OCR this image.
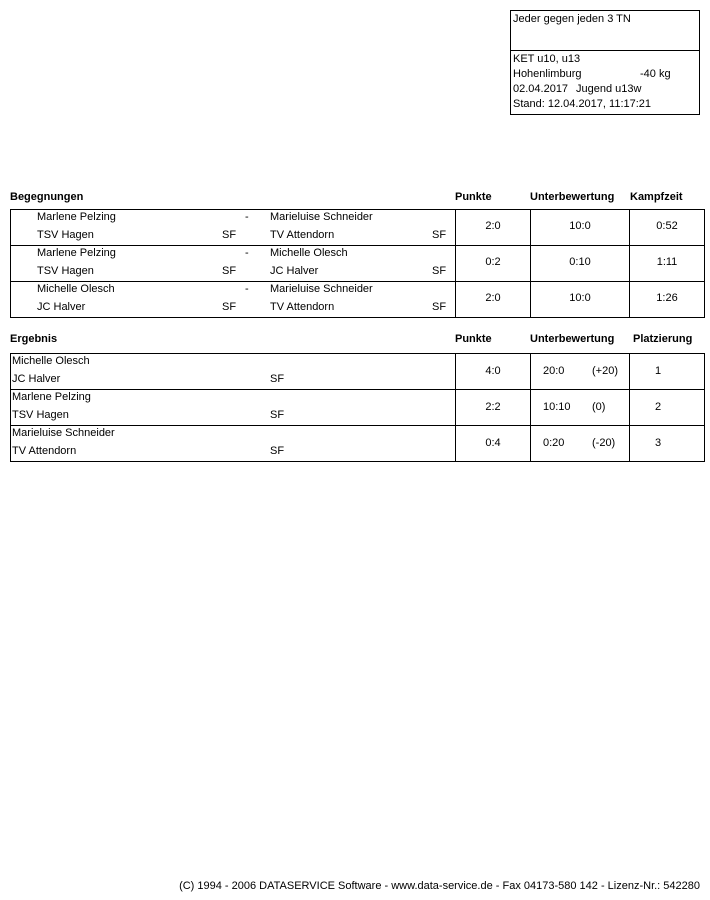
Jeder gegen jeden 3 TN
KET u10, u13
Hohenlimburg	-40 kg
02.04.2017 Jugend u13w
Stand: 12.04.2017, 11:17:21
Begegnungen	Punkte	Unterbewertung Kampfzeit
Marlene Pelzing	- Marieluise Schneider
TSV Hagen	SF	TV Attendorn	SF
2:0	10:0	0:52
Marlene Pelzing	- Michelle Olesch
TSV Hagen	SF	JC Halver	SF
0:2	0:10	1:11
Michelle Olesch	- Marieluise Schneider
JC Halver	SF	TV Attendorn	SF
2:0	10:0	1:26
Ergebnis	Punkte	Unterbewertung Platzierung
Michelle Olesch
JC Halver	SF
4:0	20:0	(+20)	1
Marlene Pelzing
TSV Hagen	SF
2:2	10:10 (0)	2
Marieluise Schneider
TV Attendorn	SF
0:4	0:20	(-20)	3
(C) 1994 - 2006 DATASERVICE Software - www.data-service.de - Fax 04173-580 142 - Lizenz-Nr.: 542280
